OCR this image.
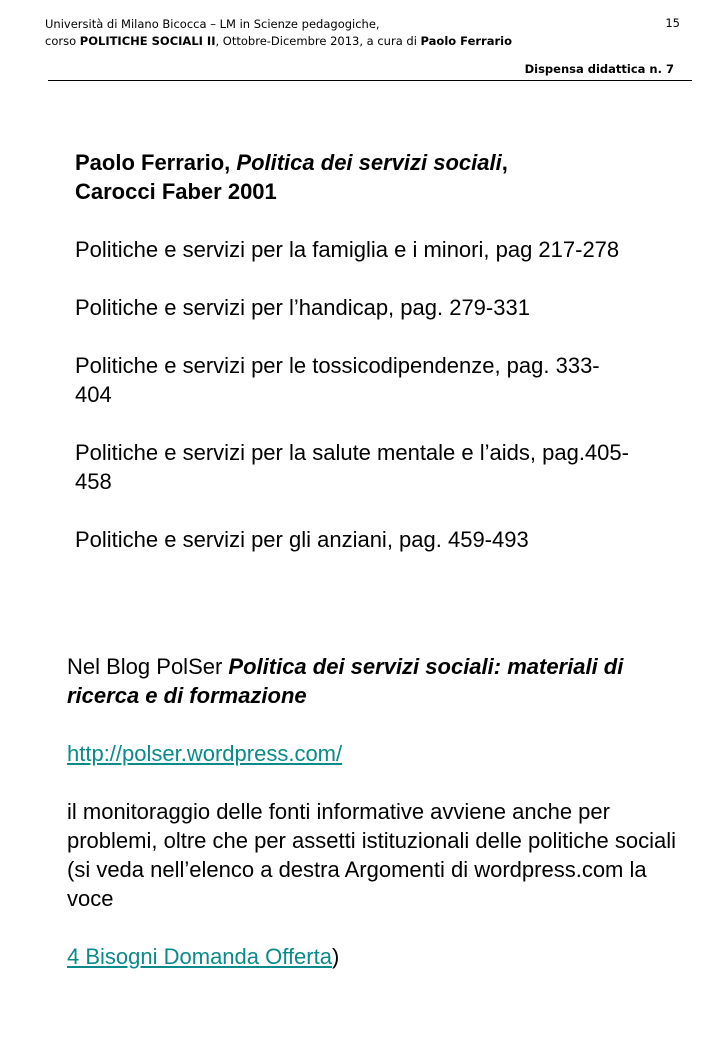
Università di Milano Bicocca – LM in Scienze pedagogiche,
corso POLITICHE SOCIALI II, Ottobre-Dicembre 2013, a cura di Paolo Ferrario
15
Dispensa didattica n. 7

Paolo Ferrario, Politica dei servizi sociali,
Carocci Faber 2001

Politiche e servizi per la famiglia e i minori, pag 217-278

Politiche e servizi per l’handicap, pag. 279-331

Politiche e servizi per le tossicodipendenze, pag. 333-404

Politiche e servizi per la salute mentale e l’aids, pag.405-458

Politiche e servizi per gli anziani, pag. 459-493

Nel Blog PolSer Politica dei servizi sociali: materiali di ricerca e di formazione

http://polser.wordpress.com/

il monitoraggio delle fonti informative avviene anche per problemi, oltre che per assetti istituzionali delle politiche sociali (si veda nell’elenco a destra Argomenti di wordpress.com la voce

4 Bisogni Domanda Offerta)
